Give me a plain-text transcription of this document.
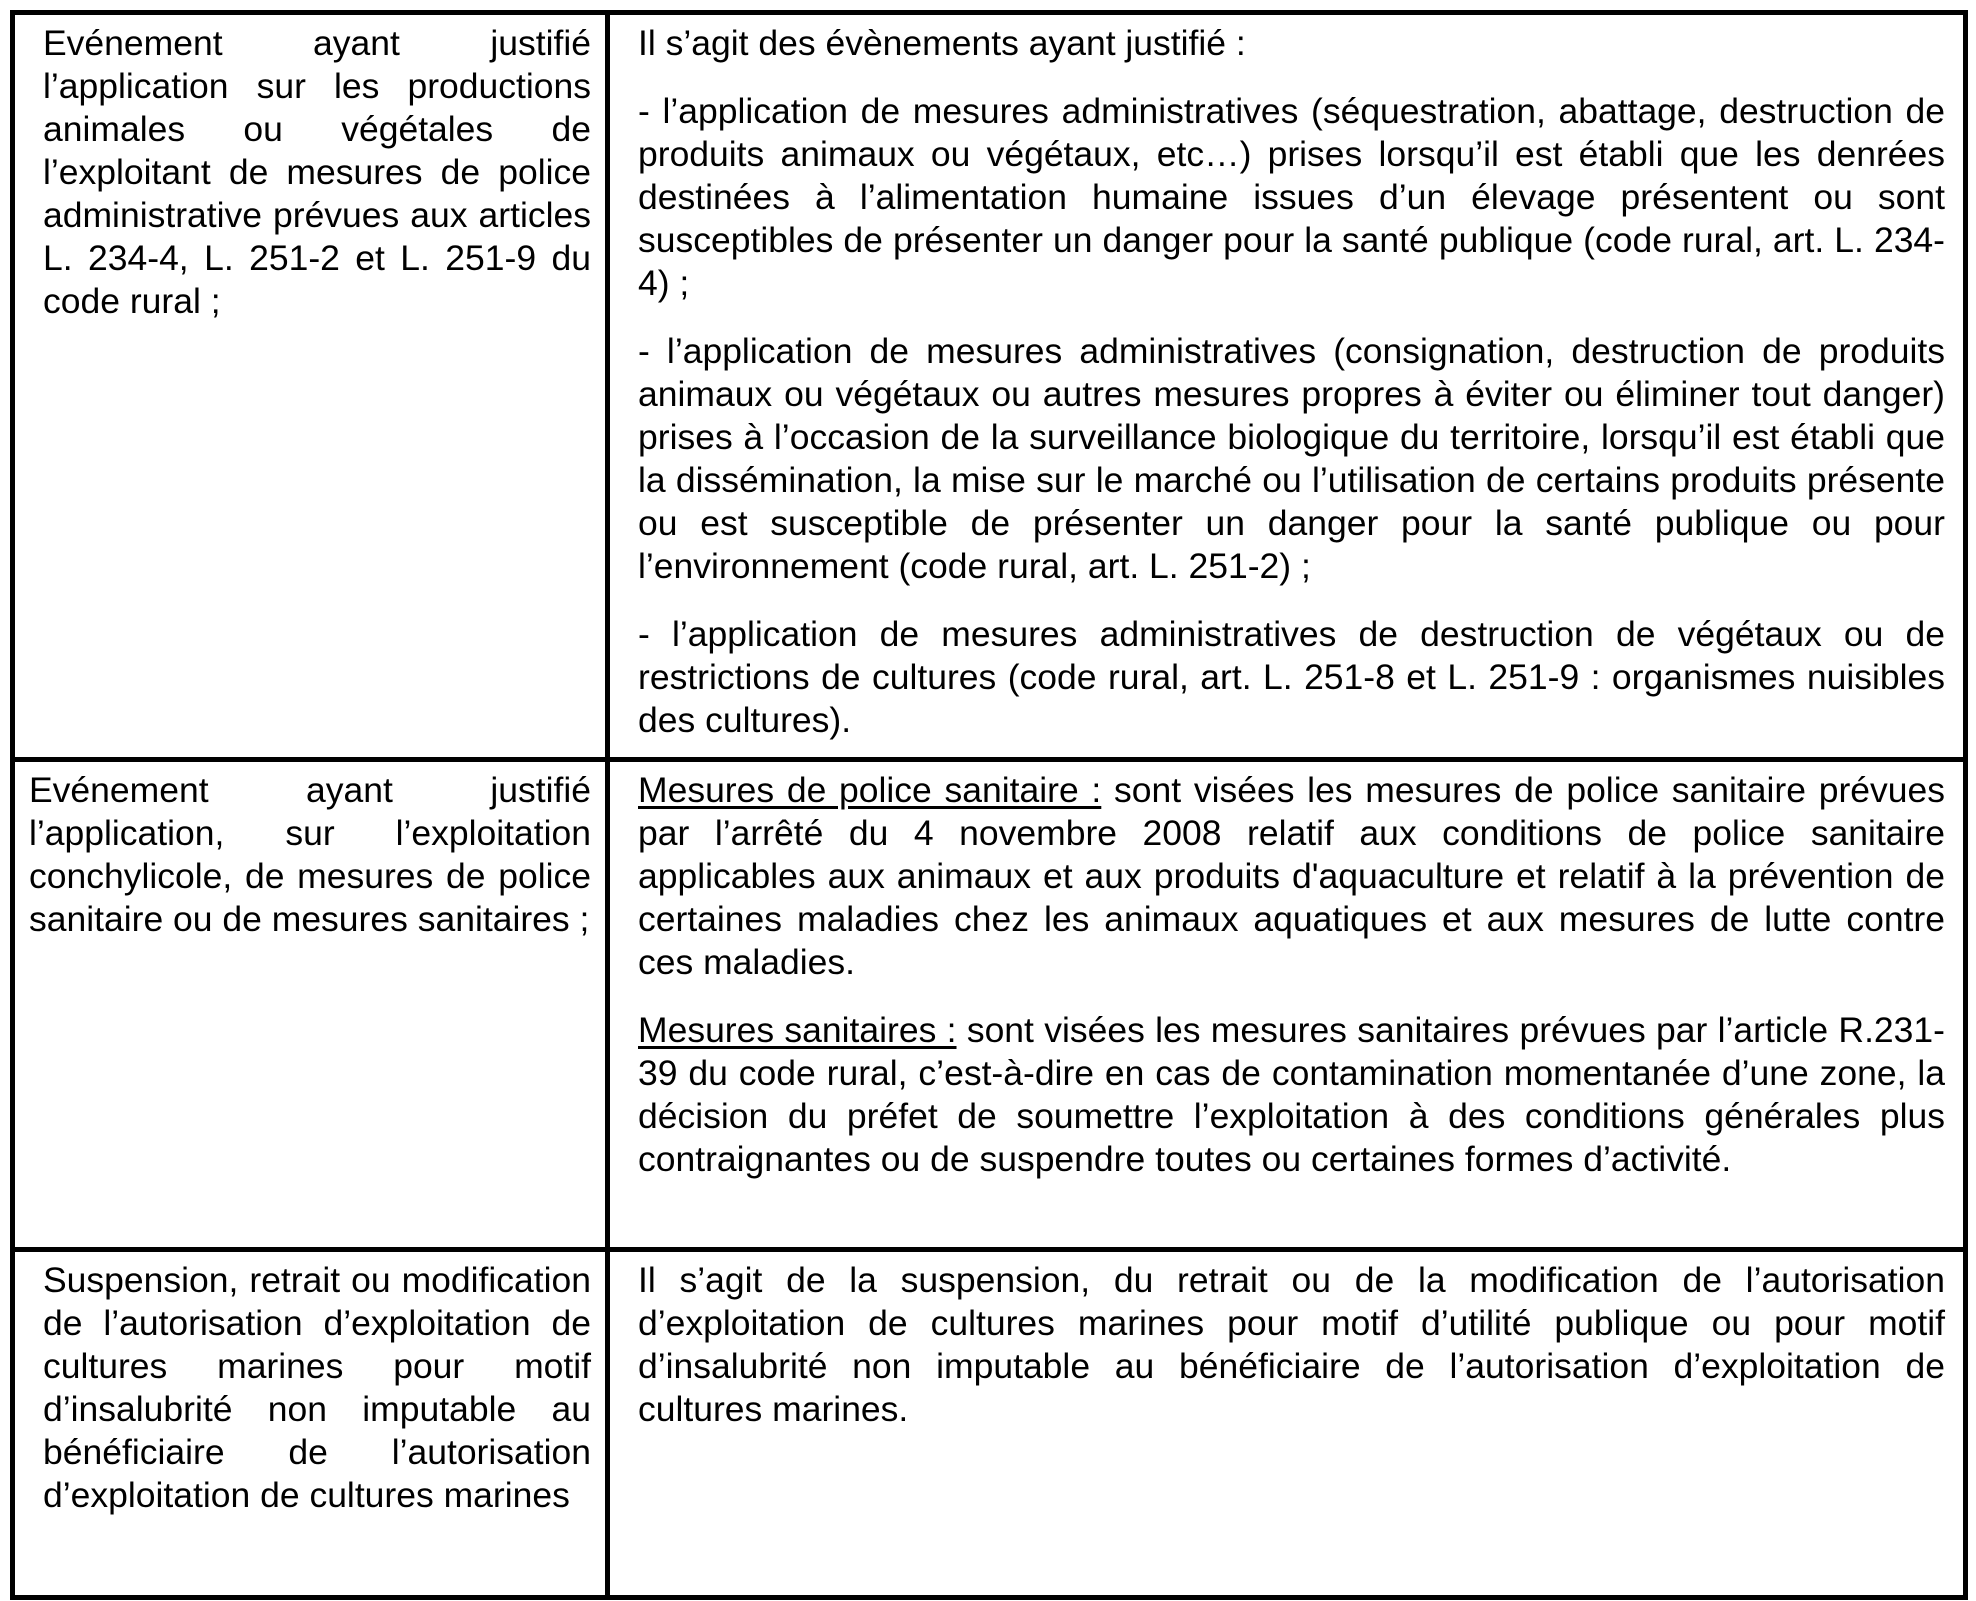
Evénement ayant justifié l’application sur les productions animales ou végétales de l’exploitant de mesures de police administrative prévues aux articles L. 234-4, L. 251-2 et L. 251-9 du code rural ;	Il s’agit des évènements ayant justifié :

- l’application de mesures administratives (séquestration, abattage, destruction de produits animaux ou végétaux, etc…) prises lorsqu’il est établi que les denrées destinées à l’alimentation humaine issues d’un élevage présentent ou sont susceptibles de présenter un danger pour la santé publique (code rural, art. L. 234-4) ;

- l’application de mesures administratives (consignation, destruction de produits animaux ou végétaux ou autres mesures propres à éviter ou éliminer tout danger) prises à l’occasion de la surveillance biologique du territoire, lorsqu’il est établi que la dissémination, la mise sur le marché ou l’utilisation de certains produits présente ou est susceptible de présenter un danger pour la santé publique ou pour l’environnement (code rural, art. L. 251-2) ;

- l’application de mesures administratives de destruction de végétaux ou de restrictions de cultures (code rural, art. L. 251-8 et L. 251-9 : organismes nuisibles des cultures).

Evénement ayant justifié l’application, sur l’exploitation conchylicole, de mesures de police sanitaire ou de mesures sanitaires ;	Mesures de police sanitaire : sont visées les mesures de police sanitaire prévues par l’arrêté du 4 novembre 2008 relatif aux conditions de police sanitaire applicables aux animaux et aux produits d'aquaculture et relatif à la prévention de certaines maladies chez les animaux aquatiques et aux mesures de lutte contre ces maladies.

Mesures sanitaires : sont visées les mesures sanitaires prévues par l’article R.231-39 du code rural, c’est-à-dire en cas de contamination momentanée d’une zone, la décision du préfet de soumettre l’exploitation à des conditions générales plus contraignantes ou de suspendre toutes ou certaines formes d’activité.

Suspension, retrait ou modification de l’autorisation d’exploitation de cultures marines pour motif d’insalubrité non imputable au bénéficiaire de l’autorisation d’exploitation de cultures marines	Il s’agit de la suspension, du retrait ou de la modification de l’autorisation d’exploitation de cultures marines pour motif d’utilité publique ou pour motif d’insalubrité non imputable au bénéficiaire de l’autorisation d’exploitation de cultures marines.
